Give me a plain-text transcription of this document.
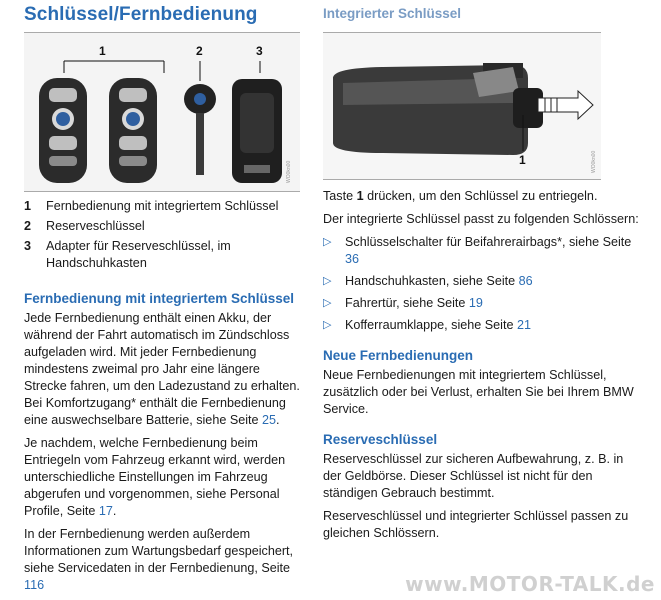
Schlüssel/Fernbedienung
1	2	3
WO0kn00
1	Fernbedienung mit integriertem Schlüssel
2	Reserveschlüssel
3	Adapter für Reserveschlüssel, im Handschuhkasten
Fernbedienung mit integriertem Schlüssel

Jede Fernbedienung enthält einen Akku, der während der Fahrt automatisch im Zündschloss aufgeladen wird. Mit jeder Fernbedienung mindestens zweimal pro Jahr eine längere Strecke fahren, um den Ladezustand zu erhalten. Bei Komfortzugang* enthält die Fernbedienung eine auswechselbare Batterie, siehe Seite 25.

Je nachdem, welche Fernbedienung beim Entriegeln vom Fahrzeug erkannt wird, werden unterschiedliche Einstellungen im Fahrzeug abgerufen und vorgenommen, siehe Personal Profile, Seite 17.

In der Fernbedienung werden außerdem Informationen zum Wartungsbedarf gespeichert, siehe Servicedaten in der Fernbedienung, Seite 116

Integrierter Schlüssel
1	WO0kn00

Taste 1 drücken, um den Schlüssel zu entriegeln.

Der integrierte Schlüssel passt zu folgenden Schlössern:

▷	Schlüsselschalter für Beifahrerairbags*, siehe Seite 36
▷	Handschuhkasten, siehe Seite 86
▷	Fahrertür, siehe Seite 19
▷	Kofferraumklappe, siehe Seite 21
Neue Fernbedienungen

Neue Fernbedienungen mit integriertem Schlüssel, zusätzlich oder bei Verlust, erhalten Sie bei Ihrem BMW Service.

Reserveschlüssel

Reserveschlüssel zur sicheren Aufbewahrung, z. B. in der Geldbörse. Dieser Schlüssel ist nicht für den ständigen Gebrauch bestimmt.

Reserveschlüssel und integrierter Schlüssel passen zu gleichen Schlössern.

www.MOTOR-TALK.de
